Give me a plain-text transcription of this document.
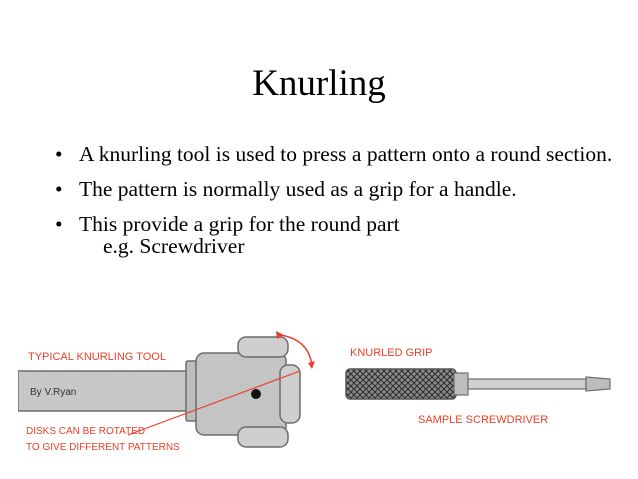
Knurling
• A knurling tool is used to press a pattern onto a round section.
• The pattern is normally used as a grip for a handle.
• This provide a grip for the round part
e.g. Screwdriver
TYPICAL KNURLING TOOL
By V.Ryan
DISKS CAN BE ROTATED
TO GIVE DIFFERENT PATTERNS
KNURLED GRIP
SAMPLE SCREWDRIVER
